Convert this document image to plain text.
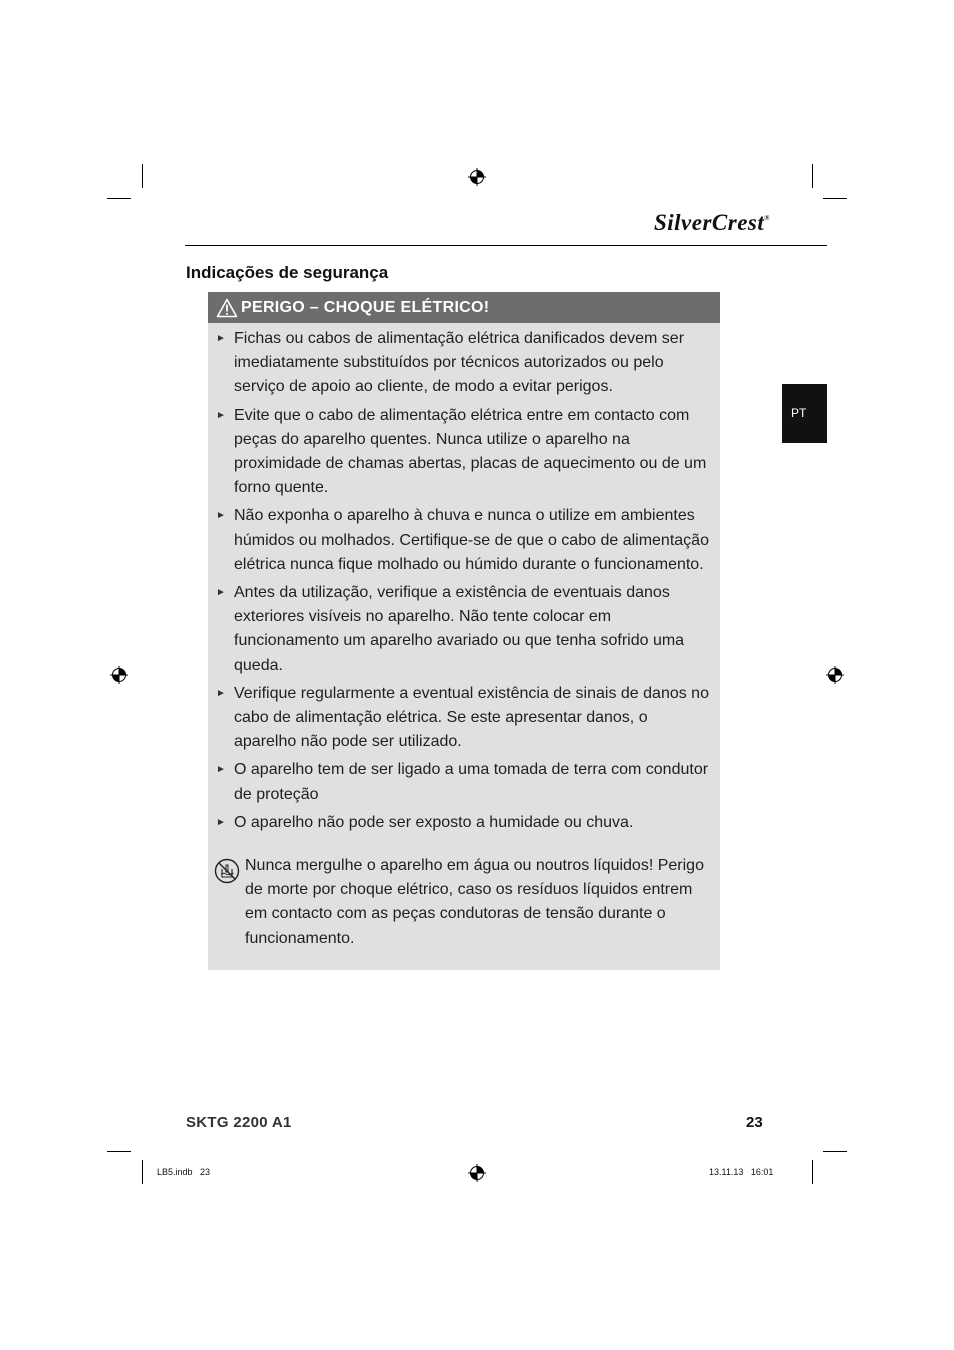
SilverCrest®
PT
Indicações de segurança
PERIGO – CHOQUE ELÉTRICO!
► Fichas ou cabos de alimentação elétrica danificados devem ser imediatamente substituídos por técnicos autorizados ou pelo serviço de apoio ao cliente, de modo a evitar perigos.
► Evite que o cabo de alimentação elétrica entre em contacto com peças do aparelho quentes. Nunca utilize o aparelho na proximidade de chamas abertas, placas de aquecimento ou de um forno quente.
► Não exponha o aparelho à chuva e nunca o utilize em ambientes húmidos ou molhados. Certifique-se de que o cabo de alimentação elétrica nunca fique molhado ou húmido durante o funcionamento.
► Antes da utilização, verifique a existência de eventuais danos exteriores visíveis no aparelho. Não tente colocar em funcionamento um aparelho avariado ou que tenha sofrido uma queda.
► Verifique regularmente a eventual existência de sinais de danos no cabo de alimentação elétrica. Se este apresentar danos, o aparelho não pode ser utilizado.
► O aparelho tem de ser ligado a uma tomada de terra com condutor de proteção
► O aparelho não pode ser exposto a humidade ou chuva.
Nunca mergulhe o aparelho em água ou noutros líquidos! Perigo de morte por choque elétrico, caso os resíduos líquidos entrem em contacto com as peças condutoras de tensão durante o funcionamento.
SKTG 2200 A1	23
LB5.indb   23	13.11.13   16:01
